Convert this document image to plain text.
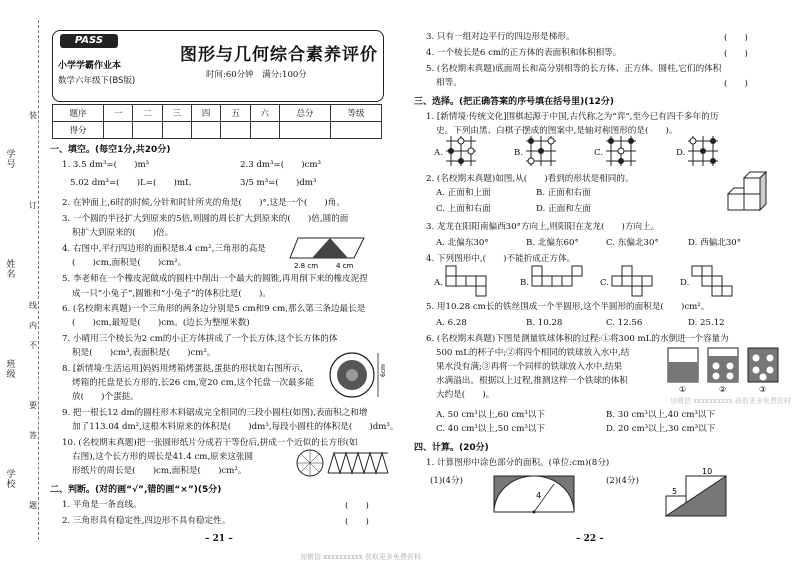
学号
姓名
班级
学校
装
订
线
内
不
要
答
题
PASS
小学学霸作业本
数学六年级下(BS版)
图形与几何综合素养评价
时间:60分钟　满分:100分
题序	一	二	三	四	五	六	总分	等级
得分								
一、填空。(每空1分,共20分)
1. 3.5 dm³=(　　)m³	2.3 dm³=(　　)cm³
5.02 dm³=(　　)L=(　　)mL	3/5 m³=(　　)dm³
2. 在钟面上,6时的时候,分针和时针所夹的角是(　　)°,这是一个(　　)角。
3. 一个圆的半径扩大到原来的5倍,则圆的周长扩大到原来的(　　)倍,圆的面
积扩大到原来的(　　)倍。
4. 右图中,平行四边形的面积是8.4 cm²,三角形的高是
(　　)cm,面积是(　　)cm²。	2.8 cm	4 cm
5. 李老师在一个橡皮泥做成的圆柱中削出一个最大的圆锥,再用削下来的橡皮泥捏
成一只“小兔子”,圆锥和“小兔子”的体积比是(　　)。
6. (名校期末真题)一个三角形的两条边分别是5 cm和9 cm,那么第三条边最长是
(　　)cm,最短是(　　)cm。(边长为整厘米数)
7. 小晴用三个棱长为2 cm的小正方体拼成了一个长方体,这个长方体的体
积是(　　)cm³,表面积是(　　)cm²。
8. [新情境·生活运用]妈妈用烤箱烤蛋挞,蛋挞的形状如右图所示,
烤箱的托盘是长方形的,长26 cm,宽20 cm,这个托盘一次最多能
放(　　)个蛋挞。
6cm
9. 把一根长12 dm的圆柱形木料锯成完全相同的三段小圆柱(如图),表面积之和增
加了113.04 dm²,这根木料原来的体积是(　　)dm³,每段小圆柱的体积是(　　)dm³。
10. (名校期末真题)把一张圆形纸片分成若干等份后,拼成一个近似的长方形(如
右图),这个长方形的周长是41.4 cm,原来这张圆
形纸片的周长是(　　)cm,面积是(　　)cm²。
二、判断。(对的画“√”,错的画“×”)(5分)
1. 平角是一条直线。	(　　)
2. 三角形具有稳定性,四边形不具有稳定性。	(　　)
– 21 –
3. 只有一组对边平行的四边形是梯形。	(　　)
4. 一个棱长是6 cm的正方体的表面积和体积相等。	(　　)
5. (名校期末真题)底面周长和高分别相等的长方体、正方体、圆柱,它们的体积
相等。	(　　)
三、选择。(把正确答案的序号填在括号里)(12分)
1. [新情境·传统文化]围棋起源于中国,古代称之为“弈”,至今已有四千多年的历
史。下列由黑、白棋子摆成的图案中,是轴对称图形的是(　　)。
A.	B.	C.	D.
2. (名校期末真题)如图,从(　　)看到的形状是相同的。
A. 正面和上面	B. 正面和右面
C. 上面和右面	D. 正面和左面
3. 龙龙在阳阳南偏西30°方向上,则阳阳在龙龙(　　)方向上。
A. 北偏东30°	B. 北偏东60°	C. 东偏北30°	D. 西偏北30°
4. 下列图形中,(　　)不能折成正方体。
A.	B.	C.	D.
5. 用10.28 cm长的铁丝围成一个半圆形,这个半圆形的面积是(　　)cm²。
A. 6.28	B. 10.28	C. 12.56	D. 25.12
6. (名校期末真题)下图是测量铁球体积的过程:①将300 mL的水倒进一个容量为
500 mL的杯子中;②将四个相同的铁球放入水中,结
果水没有满;③再将一个同样的铁球放入水中,结果
水满溢出。根据以上过程,推测这样一个铁球的体积
大约是(　　)。
①	②	③
加微信 xxxxxxxxxx 获取更多免费资料
A. 50 cm³以上,60 cm³以下	B. 30 cm³以上,40 cm³以下
C. 40 cm³以上,50 cm³以下	D. 20 cm³以上,30 cm³以下
四、计算。(20分)
1. 计算图形中涂色部分的面积。(单位:cm)(8分)
(1)(4分)	(2)(4分)
4
10
5
– 22 –
加微信 xxxxxxxxxx 获取更多免费资料
